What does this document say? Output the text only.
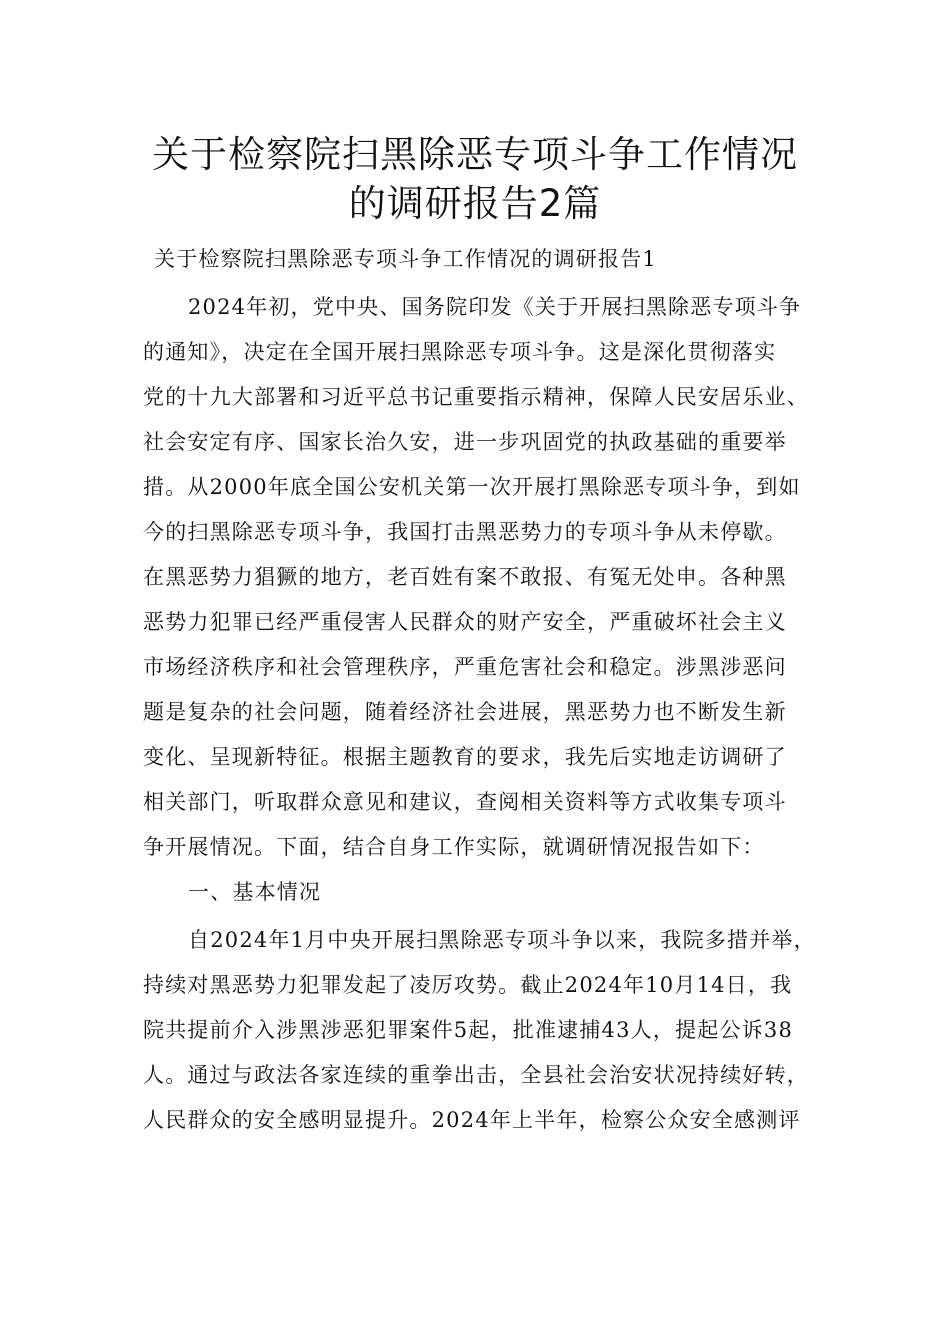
关于检察院扫黑除恶专项斗争工作情况
的调研报告2篇

关于检察院扫黑除恶专项斗争工作情况的调研报告1

2024年初，党中央、国务院印发《关于开展扫黑除恶专项斗争

的通知》，决定在全国开展扫黑除恶专项斗争。这是深化贯彻落实

党的十九大部署和习近平总书记重要指示精神，保障人民安居乐业、

社会安定有序、国家长治久安，进一步巩固党的执政基础的重要举

措。从2000年底全国公安机关第一次开展打黑除恶专项斗争，到如

今的扫黑除恶专项斗争，我国打击黑恶势力的专项斗争从未停歇。

在黑恶势力猖獗的地方，老百姓有案不敢报、有冤无处申。各种黑

恶势力犯罪已经严重侵害人民群众的财产安全，严重破坏社会主义

市场经济秩序和社会管理秩序，严重危害社会和稳定。涉黑涉恶问

题是复杂的社会问题，随着经济社会进展，黑恶势力也不断发生新

变化、呈现新特征。根据主题教育的要求，我先后实地走访调研了

相关部门，听取群众意见和建议，查阅相关资料等方式收集专项斗

争开展情况。下面，结合自身工作实际，就调研情况报告如下：

一、基本情况

自2024年1月中央开展扫黑除恶专项斗争以来，我院多措并举，

持续对黑恶势力犯罪发起了凌厉攻势。截止2024年10月14日，我

院共提前介入涉黑涉恶犯罪案件5起，批准逮捕43人，提起公诉38

人。通过与政法各家连续的重拳出击，全县社会治安状况持续好转，

人民群众的安全感明显提升。2024年上半年，检察公众安全感测评
